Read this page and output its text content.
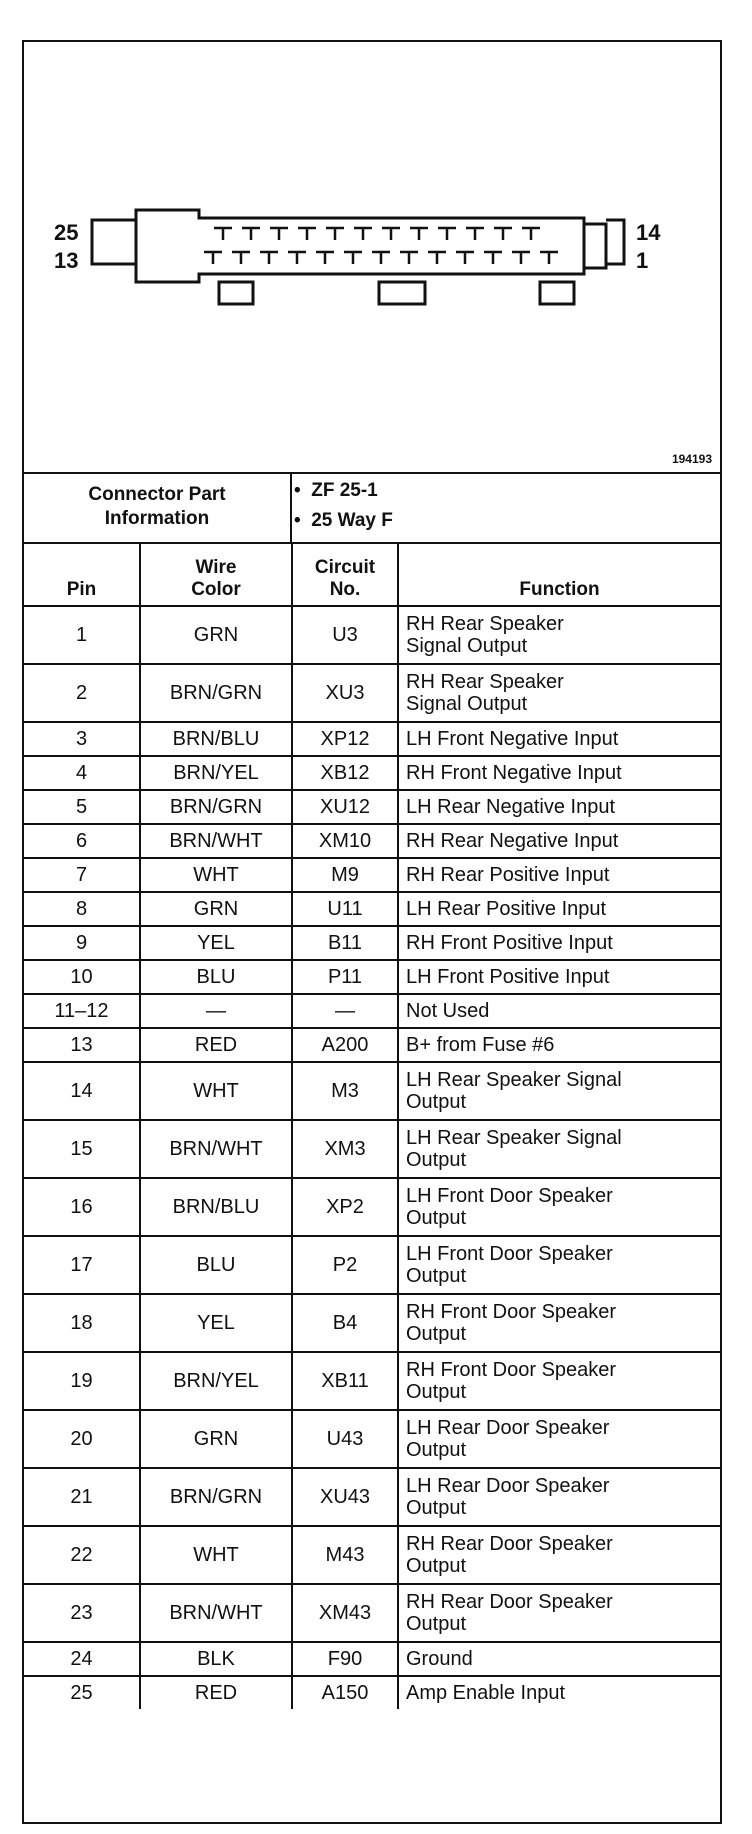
25
13
14
1
194193
Connector Part Information
•  ZF 25-1
•  25 Way F
Pin	Wire Color	Circuit No.	Function
1	GRN	U3	RH Rear Speaker
Signal Output
2	BRN/GRN	XU3	RH Rear Speaker
Signal Output
3	BRN/BLU	XP12	LH Front Negative Input
4	BRN/YEL	XB12	RH Front Negative Input
5	BRN/GRN	XU12	LH Rear Negative Input
6	BRN/WHT	XM10	RH Rear Negative Input
7	WHT	M9	RH Rear Positive Input
8	GRN	U11	LH Rear Positive Input
9	YEL	B11	RH Front Positive Input
10	BLU	P11	LH Front Positive Input
11–12	—	—	Not Used
13	RED	A200	B+ from Fuse #6
14	WHT	M3	LH Rear Speaker Signal
Output
15	BRN/WHT	XM3	LH Rear Speaker Signal
Output
16	BRN/BLU	XP2	LH Front Door Speaker
Output
17	BLU	P2	LH Front Door Speaker
Output
18	YEL	B4	RH Front Door Speaker
Output
19	BRN/YEL	XB11	RH Front Door Speaker
Output
20	GRN	U43	LH Rear Door Speaker
Output
21	BRN/GRN	XU43	LH Rear Door Speaker
Output
22	WHT	M43	RH Rear Door Speaker
Output
23	BRN/WHT	XM43	RH Rear Door Speaker
Output
24	BLK	F90	Ground
25	RED	A150	Amp Enable Input
